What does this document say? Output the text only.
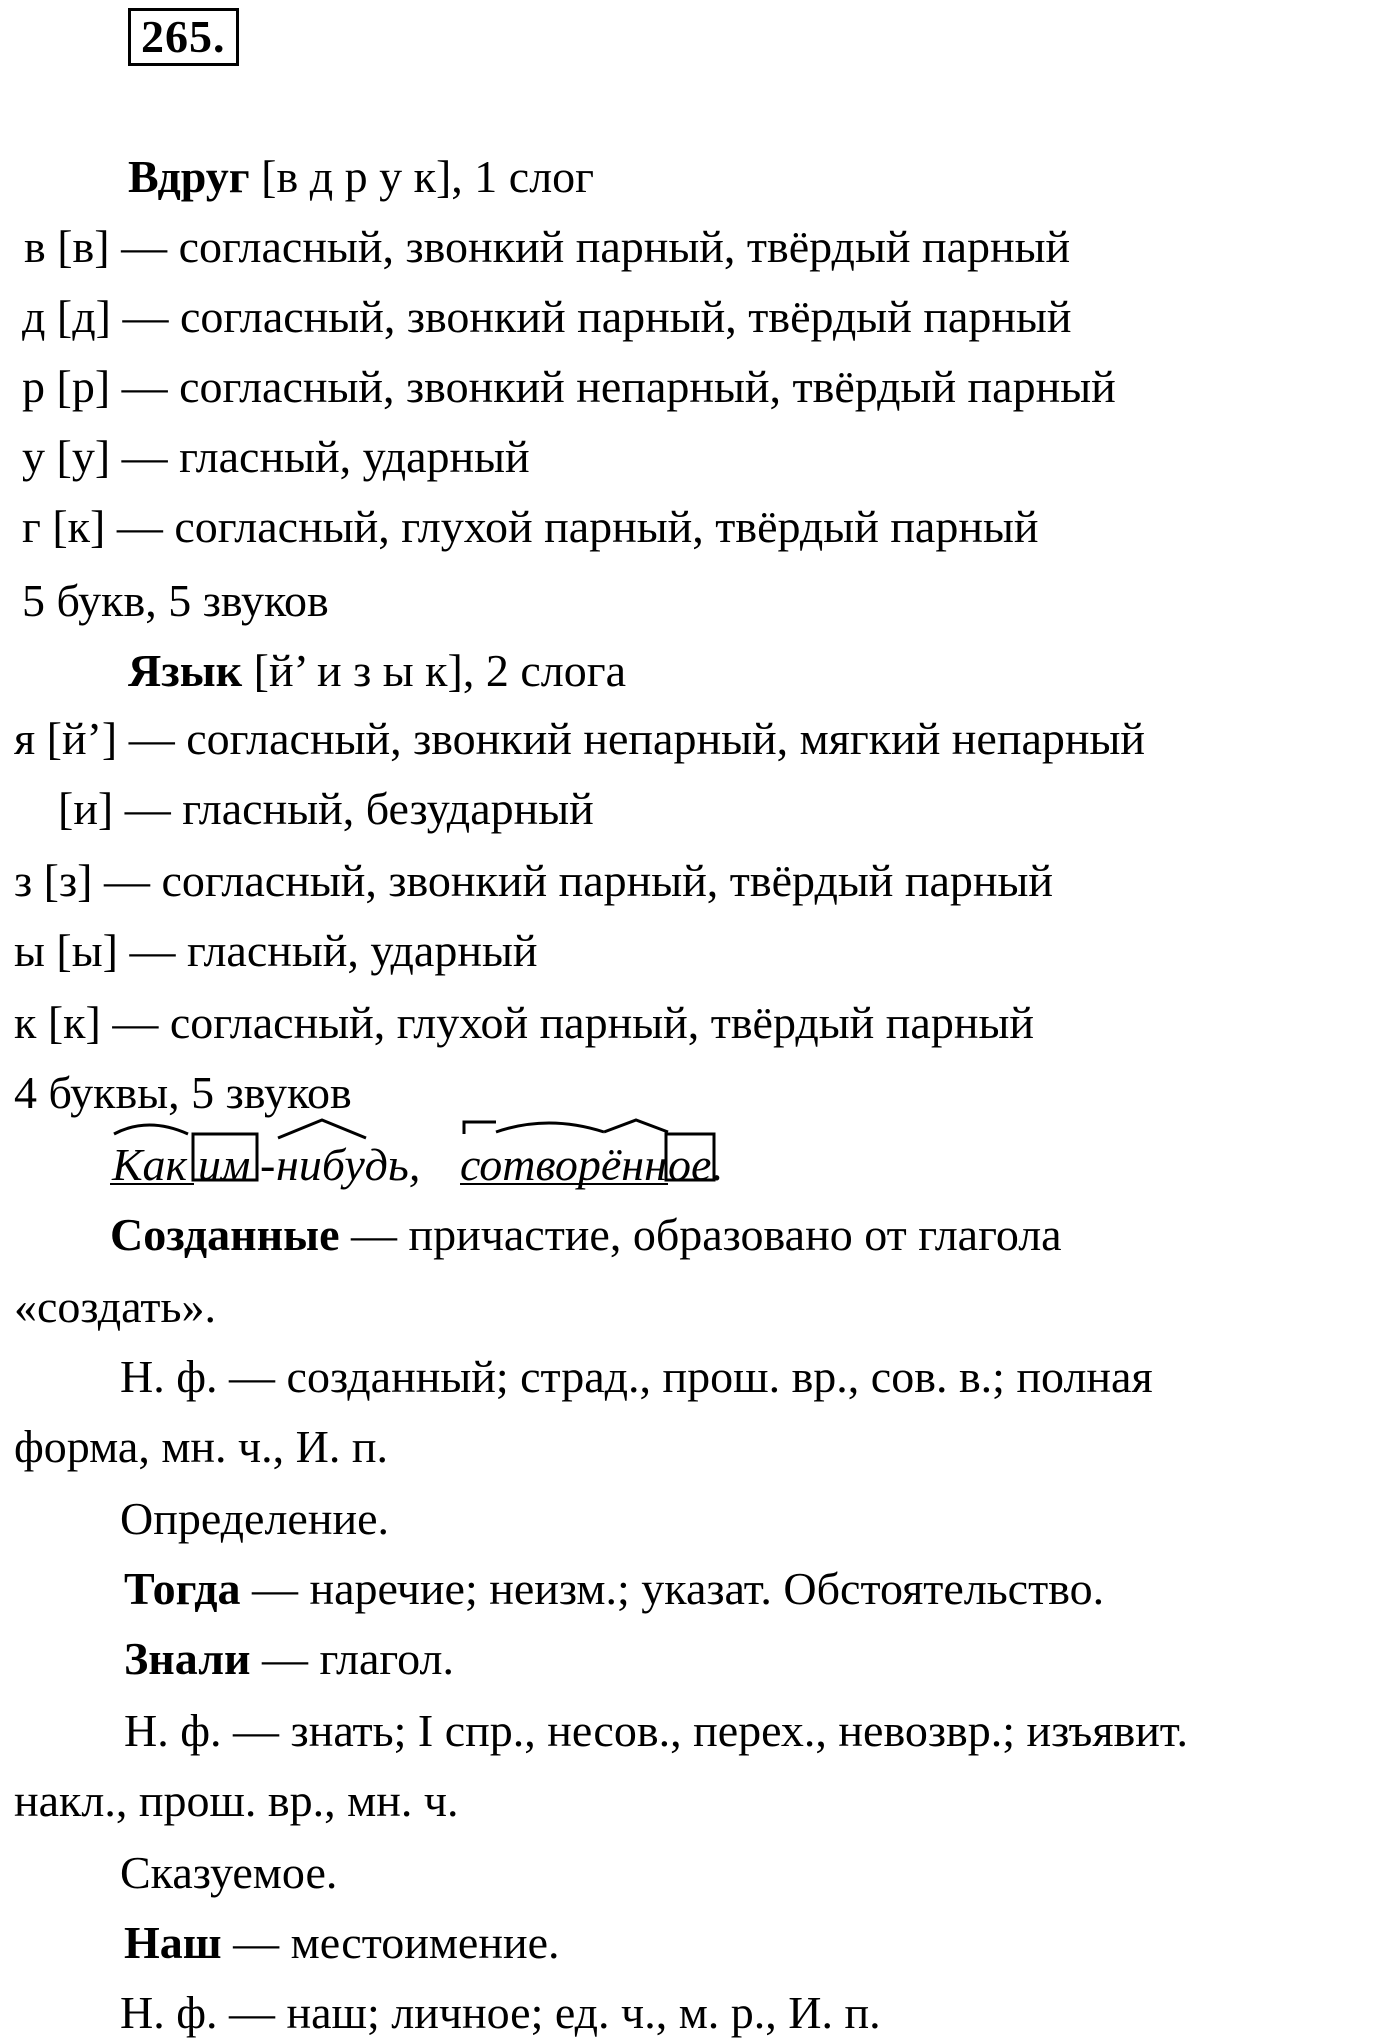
265.
Вдруг [в д р у к], 1 слог
в [в] — согласный, звонкий парный, твёрдый парный
д [д] — согласный, звонкий парный, твёрдый парный
р [р] — согласный, звонкий непарный, твёрдый парный
у [у] — гласный, ударный
г [к] — согласный, глухой парный, твёрдый парный
5 букв, 5 звуков
Язык [й’ и з ы к], 2 слога
я [й’] — согласный, звонкий непарный, мягкий непарный
[и] — гласный, безударный
з [з] — согласный, звонкий парный, твёрдый парный
ы [ы] — гласный, ударный
к [к] — согласный, глухой парный, твёрдый парный
4 буквы, 5 звуков
Как им - нибудь, сотворённ ое .
Созданные — причастие, образовано от глагола
«создать».
Н. ф. — созданный; страд., прош. вр., сов. в.; полная
форма, мн. ч., И. п.
Определение.
Тогда — наречие; неизм.; указат. Обстоятельство.
Знали — глагол.
Н. ф. — знать; I спр., несов., перех., невозвр.; изъявит.
накл., прош. вр., мн. ч.
Сказуемое.
Наш — местоимение.
Н. ф. — наш; личное; ед. ч., м. р., И. п.
